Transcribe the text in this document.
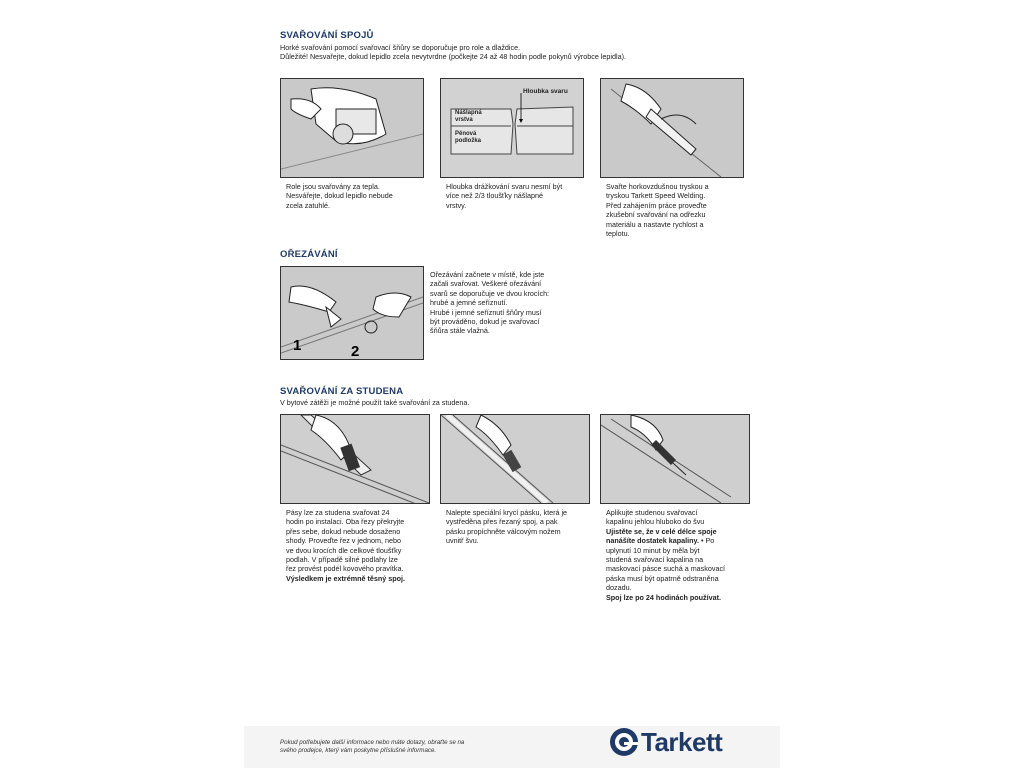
SVAŘOVÁNÍ SPOJŮ
Horké svařování pomocí svařovací šňůry se doporučuje pro role a dlaždice.
Důležité! Nesvařejte, dokud lepidlo zcela nevytvrdne (počkejte 24 až 48 hodin podle pokynů výrobce lepidla).
Role jsou svařovány za tepla.
Nesvářejte, dokud lepidlo nebude
zcela zatuhlé.
Hloubka svaru
Nášlapná
vrstva
Pěnová
podložka
Hloubka drážkování svaru nesmí být
více než 2/3 tloušťky nášlapné
vrstvy.
Svařte horkovzdušnou tryskou a
tryskou Tarkett Speed Welding.
Před zahájením práce proveďte
zkušební svařování na odřezku
materiálu a nastavte rychlost a
teplotu.
OŘEZÁVÁNÍ
1	2
Ořezávání začnete v místě, kde jste
začali svařovat. Veškeré ořezávání
svarů se doporučuje ve dvou krocích:
hrubé a jemné seříznutí.
Hrubé i jemné seříznutí šňůry musí
být prováděno, dokud je svařovací
šňůra stále vlažná.
SVAŘOVÁNÍ ZA STUDENA
V bytové zátěži je možné použít také svařování za studena.
Pásy lze za studena svařovat 24
hodin po instalaci. Oba řezy překryjte
přes sebe, dokud nebude dosaženo
shody. Proveďte řez v jednom, nebo
ve dvou krocích dle celkové tloušťky
podlah. V případě silné podlahy lze
řez provést podél kovového pravítka.
Výsledkem je extrémně těsný spoj.
Nalepte speciální krycí pásku, která je
vystředěna přes řezaný spoj, a pak
pásku propíchněte válcovým nožem
uvnitř švu.
Aplikujte studenou svařovací
kapalinu jehlou hluboko do švu
Ujistěte se, že v celé délce spoje
nanášíte dostatek kapaliny. • Po
uplynutí 10 minut by měla být
studená svařovací kapalina na
maskovací pásce suchá a maskovací
páska musí být opatrně odstraněna
dozadu.
Spoj lze po 24 hodinách používat.
Pokud potřebujete další informace nebo máte dotazy, obraťte se na
svého prodejce, který vám poskytne příslušné informace.	Tarkett
